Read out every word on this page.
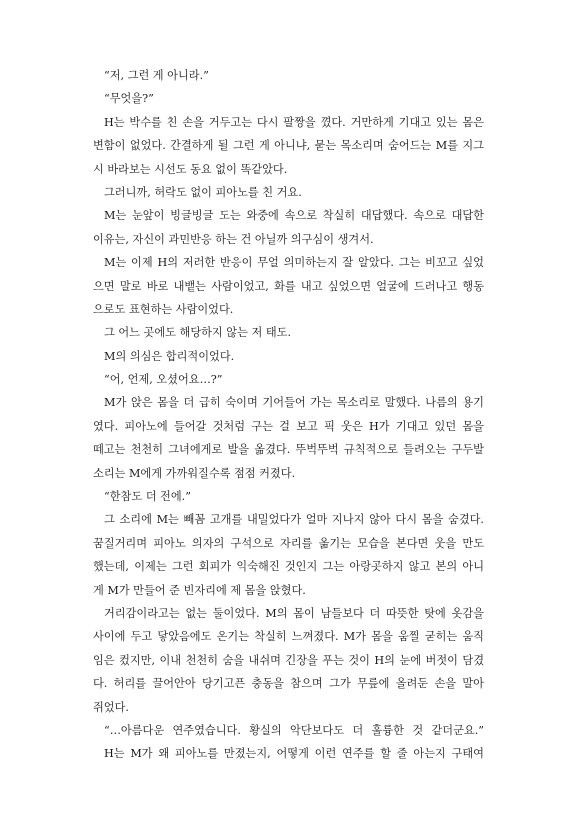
“저, 그런 게 아니라.”
“무엇을?”
H는 박수를 친 손을 거두고는 다시 팔짱을 꼈다. 거만하게 기대고 있는 몸은
변함이 없었다. 간결하게 될 그런 게 아니냐, 묻는 목소리며 숨어드는 M를 지그
시 바라보는 시선도 동요 없이 똑같았다.
그러니까, 허락도 없이 피아노를 친 거요.
M는 눈앞이 빙글빙글 도는 와중에 속으로 착실히 대답했다. 속으로 대답한
이유는, 자신이 과민반응 하는 건 아닐까 의구심이 생겨서.
M는 이제 H의 저러한 반응이 무얼 의미하는지 잘 알았다. 그는 비꼬고 싶었
으면 말로 바로 내뱉는 사람이었고, 화를 내고 싶었으면 얼굴에 드러나고 행동
으로도 표현하는 사람이었다.
그 어느 곳에도 해당하지 않는 저 태도.
M의 의심은 합리적이었다.
“어, 언제, 오셨어요…?”
M가 앉은 몸을 더 급히 숙이며 기어들어 가는 목소리로 말했다. 나름의 용기
였다. 피아노에 들어갈 것처럼 구는 걸 보고 픽 웃은 H가 기대고 있던 몸을
떼고는 천천히 그녀에게로 발을 옮겼다. 뚜벅뚜벅 규칙적으로 들려오는 구두발
소리는 M에게 가까워질수록 점점 커졌다.
“한참도 더 전에.”
그 소리에 M는 빼꼼 고개를 내밀었다가 얼마 지나지 않아 다시 몸을 숨겼다.
꿈질거리며 피아노 의자의 구석으로 자리를 옮기는 모습을 본다면 웃을 만도
했는데, 이제는 그런 회피가 익숙해진 것인지 그는 아랑곳하지 않고 본의 아니
게 M가 만들어 준 빈자리에 제 몸을 앉혔다.
거리감이라고는 없는 둘이었다. M의 몸이 남들보다 더 따뜻한 탓에 옷감을
사이에 두고 닿았음에도 온기는 착실히 느껴졌다. M가 몸을 움찔 굳히는 움직
임은 컸지만, 이내 천천히 숨을 내쉬며 긴장을 푸는 것이 H의 눈에 버젓이 담겼
다. 허리를 끌어안아 당기고픈 충동을 참으며 그가 무릎에 올려둔 손을 말아
쥐었다.
“…아름다운 연주였습니다. 황실의 악단보다도 더 훌륭한 것 같더군요.”
H는 M가 왜 피아노를 만졌는지, 어떻게 이런 연주를 할 줄 아는지 구태여
